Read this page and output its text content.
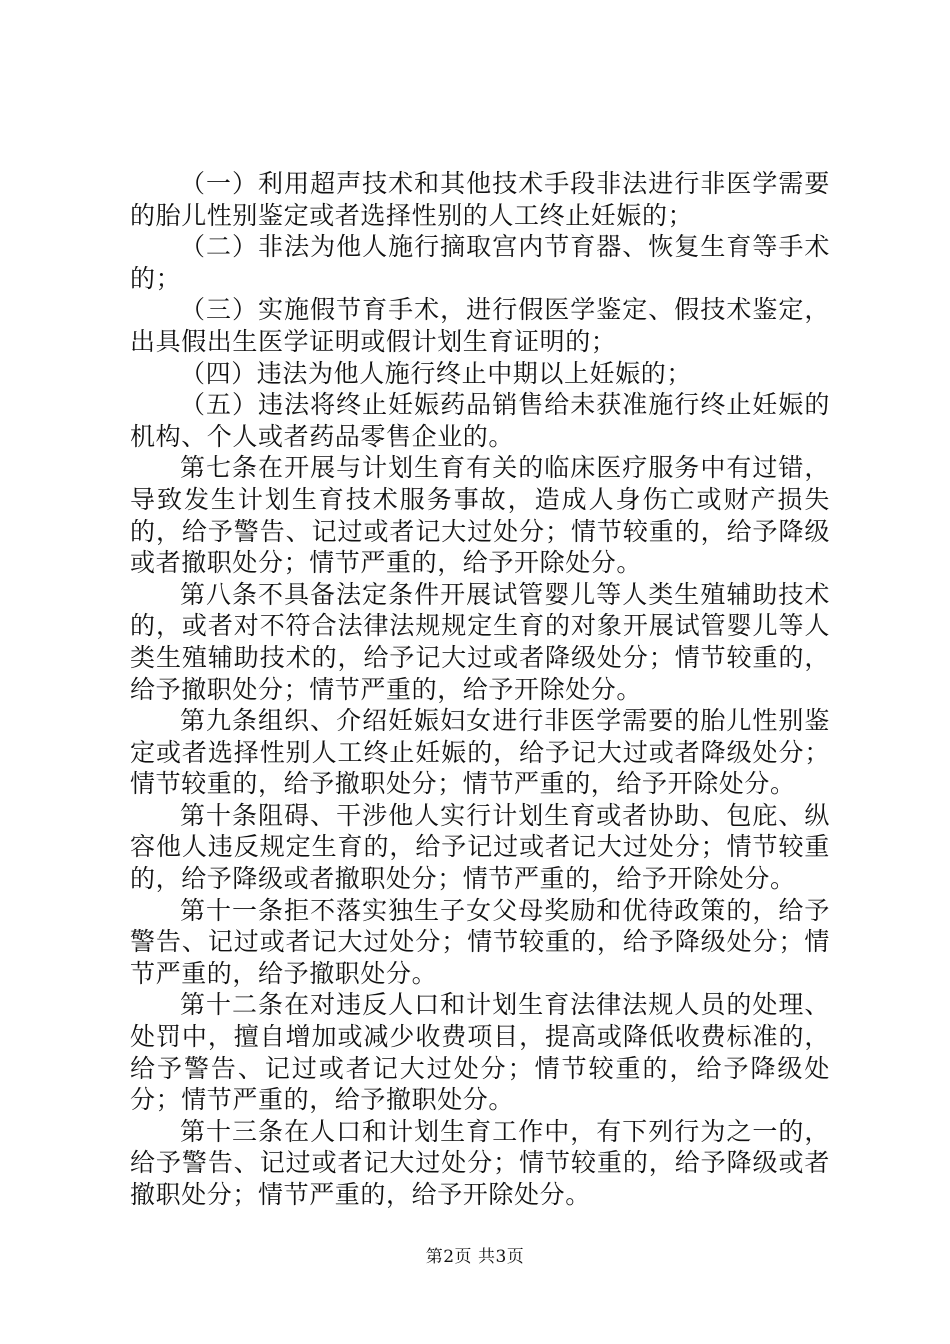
（一）利用超声技术和其他技术手段非法进行非医学需要的胎儿性别鉴定或者选择性别的人工终止妊娠的；

（二）非法为他人施行摘取宫内节育器、恢复生育等手术的；

（三）实施假节育手术，进行假医学鉴定、假技术鉴定，出具假出生医学证明或假计划生育证明的；

（四）违法为他人施行终止中期以上妊娠的；

（五）违法将终止妊娠药品销售给未获准施行终止妊娠的机构、个人或者药品零售企业的。

第七条在开展与计划生育有关的临床医疗服务中有过错，导致发生计划生育技术服务事故，造成人身伤亡或财产损失的，给予警告、记过或者记大过处分；情节较重的，给予降级或者撤职处分；情节严重的，给予开除处分。

第八条不具备法定条件开展试管婴儿等人类生殖辅助技术的，或者对不符合法律法规规定生育的对象开展试管婴儿等人类生殖辅助技术的，给予记大过或者降级处分；情节较重的，给予撤职处分；情节严重的，给予开除处分。

第九条组织、介绍妊娠妇女进行非医学需要的胎儿性别鉴定或者选择性别人工终止妊娠的，给予记大过或者降级处分；情节较重的，给予撤职处分；情节严重的，给予开除处分。

第十条阻碍、干涉他人实行计划生育或者协助、包庇、纵容他人违反规定生育的，给予记过或者记大过处分；情节较重的，给予降级或者撤职处分；情节严重的，给予开除处分。

第十一条拒不落实独生子女父母奖励和优待政策的，给予警告、记过或者记大过处分；情节较重的，给予降级处分；情节严重的，给予撤职处分。

第十二条在对违反人口和计划生育法律法规人员的处理、处罚中，擅自增加或减少收费项目，提高或降低收费标准的，给予警告、记过或者记大过处分；情节较重的，给予降级处分；情节严重的，给予撤职处分。

第十三条在人口和计划生育工作中，有下列行为之一的，给予警告、记过或者记大过处分；情节较重的，给予降级或者撤职处分；情节严重的，给予开除处分。

第2页 共3页
